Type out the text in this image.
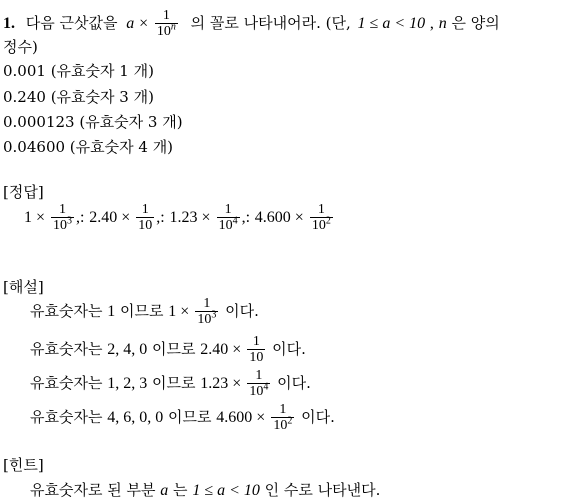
1. 다음 근삿값을 $a \times \frac{1}{10^n}$ 의 꼴로 나타내어라. (단, 1 ≤ a < 10 , n 은 양의
정수)
0.001 (유효숫자 1 개)
0.240 (유효숫자 3 개)
0.000123 (유효숫자 3 개)
0.04600 (유효숫자 4 개)
[정답]
$1 \times \frac{1}{10^3}$ ,: $2.40 \times \frac{1}{10}$ ,: $1.23 \times \frac{1}{10^4}$ ,: $4.600 \times \frac{1}{10^2}$
[해설]
유효숫자는 1 이므로 $1 \times \frac{1}{10^3}$ 이다.
유효숫자는 2, 4, 0 이므로 $2.40 \times \frac{1}{10}$ 이다.
유효숫자는 1, 2, 3 이므로 $1.23 \times \frac{1}{10^4}$ 이다.
유효숫자는 4, 6, 0, 0 이므로 $4.600 \times \frac{1}{10^2}$ 이다.
[힌트]
유효숫자로 된 부분 a 는 1 ≤ a < 10 인 수로 나타낸다.
